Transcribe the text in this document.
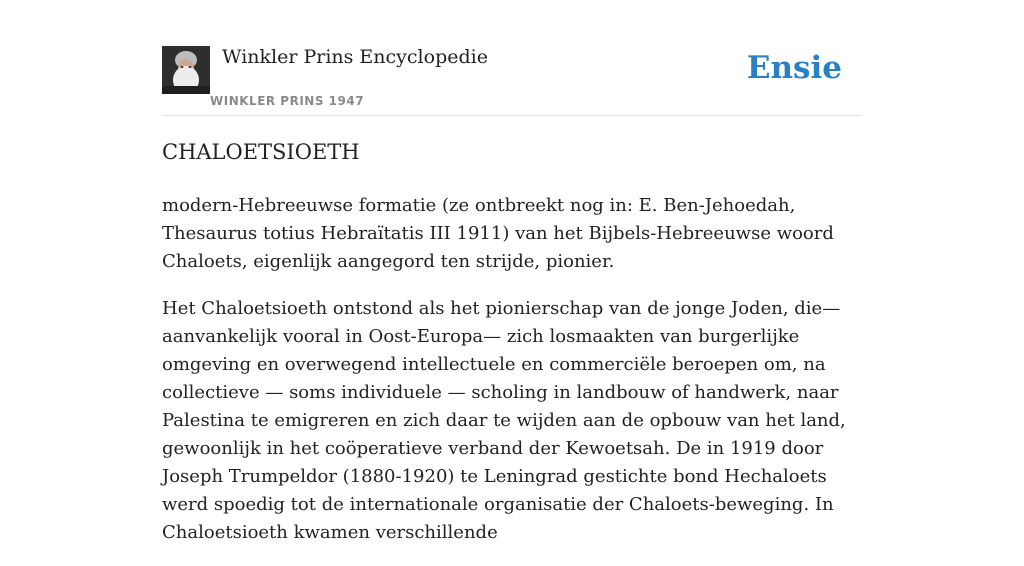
Winkler Prins Encyclopedie
WINKLER PRINS 1947
Ensie
CHALOETSIOETH

modern-Hebreeuwse formatie (ze ontbreekt nog in: E. Ben-Jehoedah, Thesaurus totius Hebraïtatis III 1911) van het Bijbels-Hebreeuwse woord Chaloets, eigenlijk aangegord ten strijde, pionier.

Het Chaloetsioeth ontstond als het pionierschap van de jonge Joden, die— aanvankelijk vooral in Oost-Europa— zich losmaakten van burgerlijke omgeving en overwegend intellectuele en commerciële beroepen om, na collectieve — soms individuele — scholing in landbouw of handwerk, naar Palestina te emigreren en zich daar te wijden aan de opbouw van het land, gewoonlijk in het coöperatieve verband der Kewoetsah. De in 1919 door Joseph Trumpeldor (1880-1920) te Leningrad gestichte bond Hechaloets werd spoedig tot de internationale organisatie der Chaloets-beweging. In Chaloetsioeth kwamen verschillende
